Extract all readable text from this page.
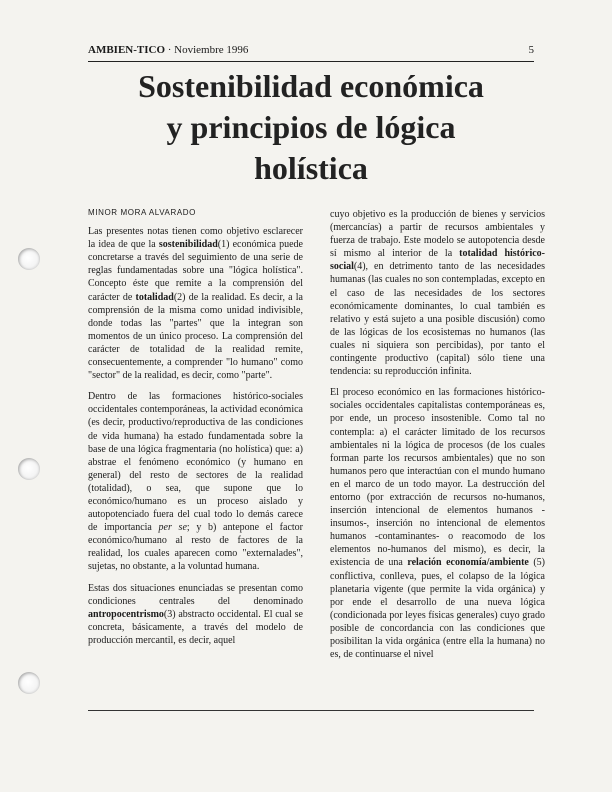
AMBIEN-TICO · Noviembre 1996	5
Sostenibilidad económica
y principios de lógica
holística
MINOR MORA ALVARADO

Las presentes notas tienen como objetivo esclarecer la idea de que la sostenibilidad(1) económica puede concretarse a través del seguimiento de una serie de reglas fundamentadas sobre una "lógica holística". Concepto éste que remite a la comprensión del carácter de totalidad(2) de la realidad. Es decir, a la comprensión de la misma como unidad indivisible, donde todas las "partes" que la integran son momentos de un único proceso. La comprensión del carácter de totalidad de la realidad remite, consecuentemente, a comprender "lo humano" como "sector" de la realidad, es decir, como "parte".

Dentro de las formaciones histórico-sociales occidentales contemporáneas, la actividad económica (es decir, productivo/reproductiva de las condiciones de vida humana) ha estado fundamentada sobre la base de una lógica fragmentaria (no holística) que: a) abstrae el fenómeno económico (y humano en general) del resto de sectores de la realidad (totalidad), o sea, que supone que lo económico/humano es un proceso aislado y autopotenciado fuera del cual todo lo demás carece de importancia per se; y b) antepone el factor económico/humano al resto de factores de la realidad, los cuales aparecen como "externalades", sujetas, no obstante, a la voluntad humana.

Estas dos situaciones enunciadas se presentan como condiciones centrales del denominado antropocentrismo(3) abstracto occidental. El cual se concreta, básicamente, a través del modelo de producción mercantil, es decir, aquel

cuyo objetivo es la producción de bienes y servicios (mercancías) a partir de recursos ambientales y fuerza de trabajo. Este modelo se autopotencia desde sí mismo al interior de la totalidad histórico-social(4), en detrimento tanto de las necesidades humanas (las cuales no son contempladas, excepto en el caso de las necesidades de los sectores económicamente dominantes, lo cual también es relativo y está sujeto a una posible discusión) como de las lógicas de los ecosistemas no humanos (las cuales ni siquiera son percibidas), por tanto el contingente productivo (capital) sólo tiene una tendencia: su reproducción infinita.

El proceso económico en las formaciones histórico-sociales occidentales capitalistas contemporáneas es, por ende, un proceso insostenible. Como tal no contempla: a) el carácter limitado de los recursos ambientales ni la lógica de procesos (de los cuales forman parte los recursos ambientales) que no son humanos pero que interactúan con el mundo humano en el marco de un todo mayor. La destrucción del entorno (por extracción de recursos no-humanos, inserción intencional de elementos humanos -insumos-, inserción no intencional de elementos humanos -contaminantes- o reacomodo de los elementos no-humanos del mismo), es decir, la existencia de una relación economía/ambiente (5) conflictiva, conlleva, pues, el colapso de la lógica planetaria vigente (que permite la vida orgánica) y por ende el desarrollo de una nueva lógica (condicionada por leyes físicas generales) cuyo grado posible de concordancia con las condiciones que posibilitan la vida orgánica (entre ella la humana) no es, de continuarse el nivel
